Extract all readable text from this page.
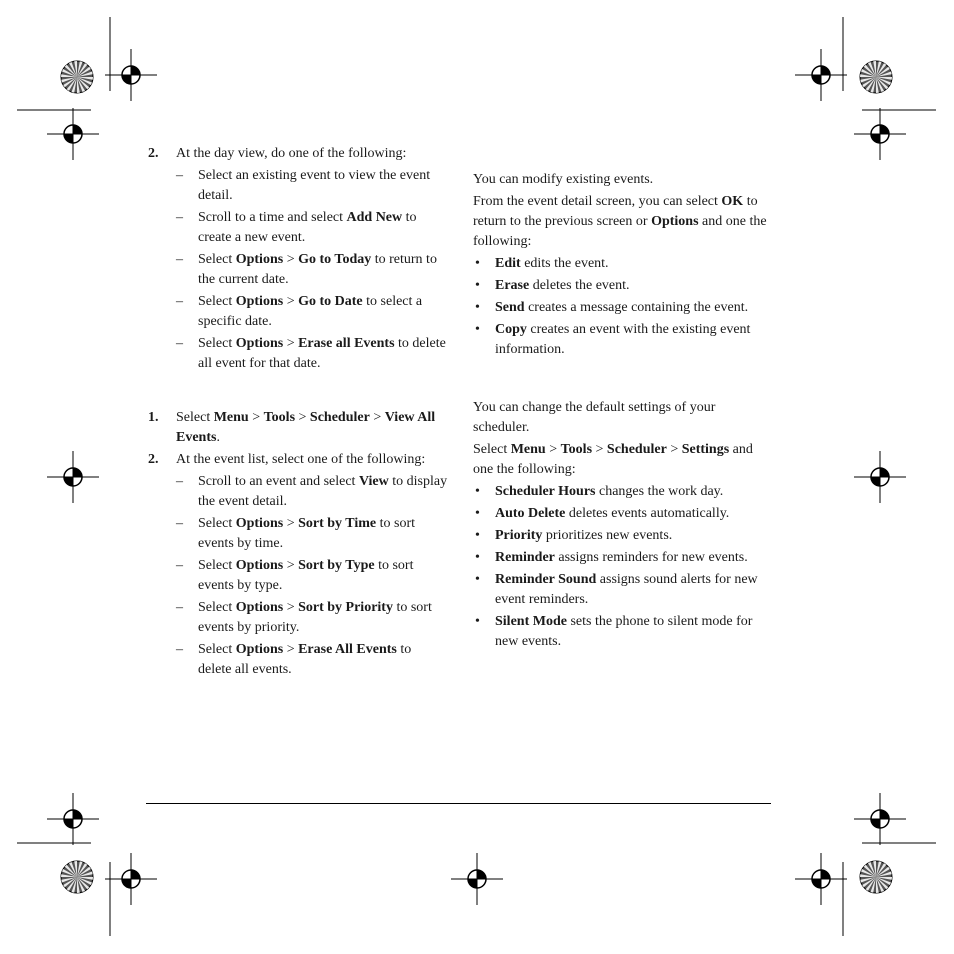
2. At the day view, do one of the following:
– Select an existing event to view the event detail.
– Scroll to a time and select Add New to create a new event.
– Select Options > Go to Today to return to the current date.
– Select Options > Go to Date to select a specific date.
– Select Options > Erase all Events to delete all event for that date.
1. Select Menu > Tools > Scheduler > View All Events.
2. At the event list, select one of the following:
– Scroll to an event and select View to display the event detail.
– Select Options > Sort by Time to sort events by time.
– Select Options > Sort by Type to sort events by type.
– Select Options > Sort by Priority to sort events by priority.
– Select Options > Erase All Events to delete all events.
You can modify existing events.
From the event detail screen, you can select OK to return to the previous screen or Options and one the following:
• Edit edits the event.
• Erase deletes the event.
• Send creates a message containing the event.
• Copy creates an event with the existing event information.
You can change the default settings of your scheduler.
Select Menu > Tools > Scheduler > Settings and one the following:
• Scheduler Hours changes the work day.
• Auto Delete deletes events automatically.
• Priority prioritizes new events.
• Reminder assigns reminders for new events.
• Reminder Sound assigns sound alerts for new event reminders.
• Silent Mode sets the phone to silent mode for new events.
